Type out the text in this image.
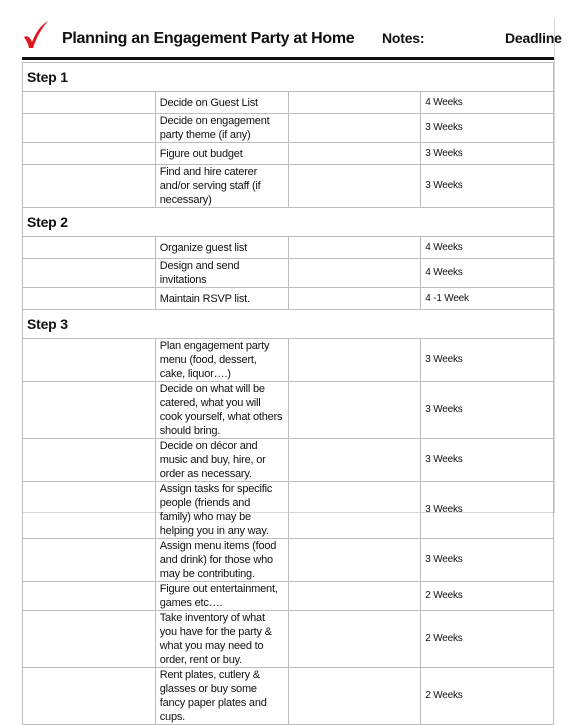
Planning an Engagement Party at Home Notes:	Deadline
Step 1			
	Decide on Guest List		4 Weeks
	Decide on engagement party theme (if any)		3 Weeks
	Figure out budget		3 Weeks
	Find and hire caterer and/or serving staff (if necessary)		3 Weeks
Step 2			
	Organize guest list		4 Weeks
	Design and send invitations		4 Weeks
	Maintain RSVP list.		4 -1 Week
Step 3			
	Plan engagement party menu (food, dessert, cake, liquor….)		3 Weeks
	Decide on what will be catered, what you will cook yourself, what others should bring.		3 Weeks
	Decide on décor and music and buy, hire, or order as necessary.		3 Weeks
	Assign tasks for specific people (friends and family) who may be helping you in any way.		3 Weeks
	Assign menu items (food and drink) for those who may be contributing.		3 Weeks
	Figure out entertainment, games etc….		2 Weeks
	Take inventory of what you have for the party & what you may need to order, rent or buy.		2 Weeks
	Rent plates, cutlery & glasses or buy some fancy paper plates and cups.		2 Weeks
